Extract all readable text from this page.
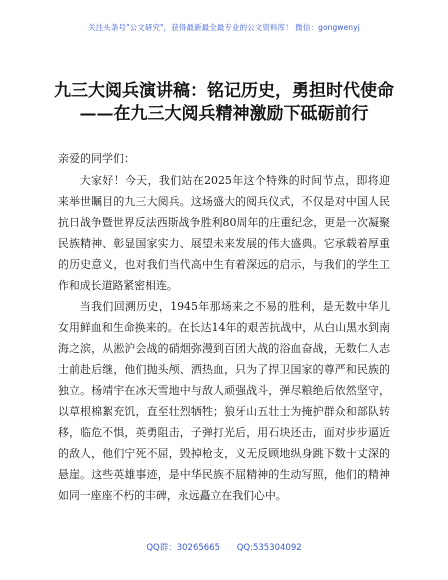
关注头条号"公文研究"，获得最新最全最专业的公文资料库！ 微信：gongwenyj
九三大阅兵演讲稿：铭记历史，勇担时代使命
——在九三大阅兵精神激励下砥砺前行
亲爱的同学们：

大家好！今天，我们站在2025年这个特殊的时间节点，即将迎来举世瞩目的九三大阅兵。这场盛大的阅兵仪式，不仅是对中国人民抗日战争暨世界反法西斯战争胜利80周年的庄重纪念，更是一次凝聚民族精神、彰显国家实力、展望未来发展的伟大盛典。它承载着厚重的历史意义，也对我们当代高中生有着深远的启示，与我们的学生工作和成长道路紧密相连。

当我们回溯历史，1945年那场来之不易的胜利，是无数中华儿女用鲜血和生命换来的。在长达14年的艰苦抗战中，从白山黑水到南海之滨，从淞沪会战的硝烟弥漫到百团大战的浴血奋战，无数仁人志士前赴后继，他们抛头颅、洒热血，只为了捍卫国家的尊严和民族的独立。杨靖宇在冰天雪地中与敌人顽强战斗，弹尽粮绝后依然坚守，以草根棉絮充饥，直至壮烈牺牲；狼牙山五壮士为掩护群众和部队转移，临危不惧，英勇阻击，子弹打光后，用石块还击，面对步步逼近的敌人，他们宁死不屈，毁掉枪支，义无反顾地纵身跳下数十丈深的悬崖。这些英雄事迹，是中华民族不屈精神的生动写照，他们的精神如同一座座不朽的丰碑，永远矗立在我们心中。

QQ群：30265665 QQ:535304092
